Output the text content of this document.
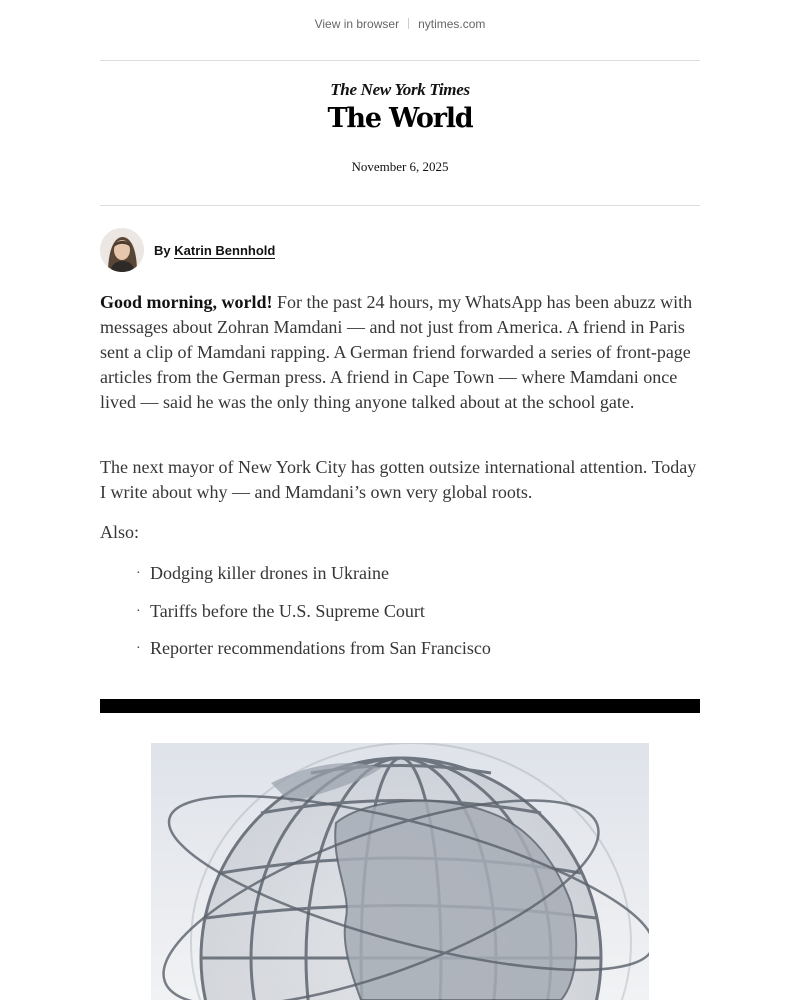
View in browser nytimes.com
The New York Times
The World
November 6, 2025
By Katrin Bennhold

Good morning, world! For the past 24 hours, my WhatsApp has been abuzz with messages about Zohran Mamdani — and not just from America. A friend in Paris sent a clip of Mamdani rapping. A German friend forwarded a series of front-page articles from the German press. A friend in Cape Town — where Mamdani once lived — said he was the only thing anyone talked about at the school gate.

The next mayor of New York City has gotten outsize international attention. Today I write about why — and Mamdani’s own very global roots.

Also:

· Dodging killer drones in Ukraine
· Tariffs before the U.S. Supreme Court
· Reporter recommendations from San Francisco
